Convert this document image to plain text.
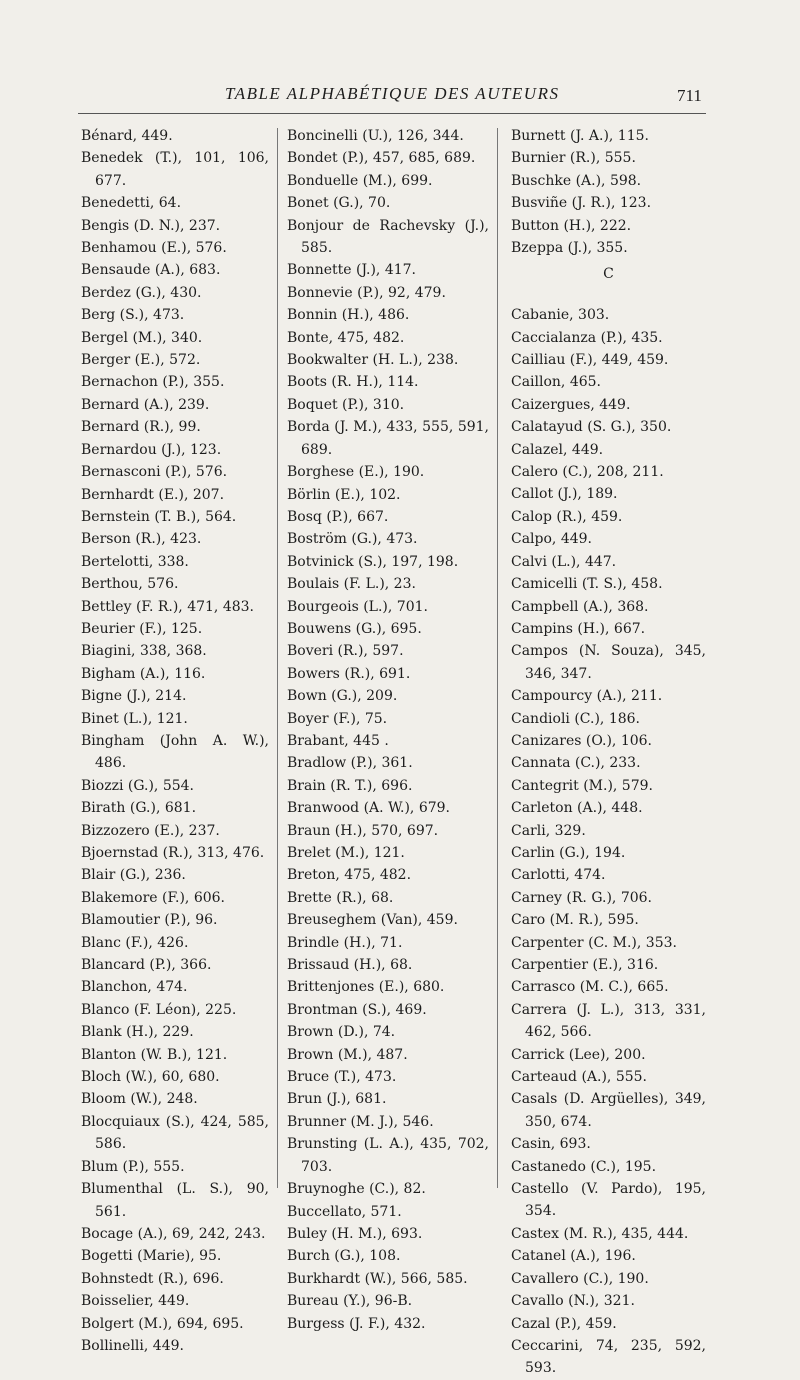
TABLE ALPHABÉTIQUE DES AUTEURS	711
Bénard, 449.
Benedek (T.), 101, 106, 677.
Benedetti, 64.
Bengis (D. N.), 237.
Benhamou (E.), 576.
Bensaude (A.), 683.
Berdez (G.), 430.
Berg (S.), 473.
Bergel (M.), 340.
Berger (E.), 572.
Bernachon (P.), 355.
Bernard (A.), 239.
Bernard (R.), 99.
Bernardou (J.), 123.
Bernasconi (P.), 576.
Bernhardt (E.), 207.
Bernstein (T. B.), 564.
Berson (R.), 423.
Bertelotti, 338.
Berthou, 576.
Bettley (F. R.), 471, 483.
Beurier (F.), 125.
Biagini, 338, 368.
Bigham (A.), 116.
Bigne (J.), 214.
Binet (L.), 121.
Bingham (John A. W.), 486.
Biozzi (G.), 554.
Birath (G.), 681.
Bizzozero (E.), 237.
Bjoernstad (R.), 313, 476.
Blair (G.), 236.
Blakemore (F.), 606.
Blamoutier (P.), 96.
Blanc (F.), 426.
Blancard (P.), 366.
Blanchon, 474.
Blanco (F. Léon), 225.
Blank (H.), 229.
Blanton (W. B.), 121.
Bloch (W.), 60, 680.
Bloom (W.), 248.
Blocquiaux (S.), 424, 585, 586.
Blum (P.), 555.
Blumenthal (L. S.), 90, 561.
Bocage (A.), 69, 242, 243.
Bogetti (Marie), 95.
Bohnstedt (R.), 696.
Boisselier, 449.
Bolgert (M.), 694, 695.
Bollinelli, 449.
Boncinelli (U.), 126, 344.
Bondet (P.), 457, 685, 689.
Bonduelle (M.), 699.
Bonet (G.), 70.
Bonjour de Rachevsky (J.), 585.
Bonnette (J.), 417.
Bonnevie (P.), 92, 479.
Bonnin (H.), 486.
Bonte, 475, 482.
Bookwalter (H. L.), 238.
Boots (R. H.), 114.
Boquet (P.), 310.
Borda (J. M.), 433, 555, 591, 689.
Borghese (E.), 190.
Börlin (E.), 102.
Bosq (P.), 667.
Boström (G.), 473.
Botvinick (S.), 197, 198.
Boulais (F. L.), 23.
Bourgeois (L.), 701.
Bouwens (G.), 695.
Boveri (R.), 597.
Bowers (R.), 691.
Bown (G.), 209.
Boyer (F.), 75.
Brabant, 445 .
Bradlow (P.), 361.
Brain (R. T.), 696.
Branwood (A. W.), 679.
Braun (H.), 570, 697.
Brelet (M.), 121.
Breton, 475, 482.
Brette (R.), 68.
Breuseghem (Van), 459.
Brindle (H.), 71.
Brissaud (H.), 68.
Brittenjones (E.), 680.
Brontman (S.), 469.
Brown (D.), 74.
Brown (M.), 487.
Bruce (T.), 473.
Brun (J.), 681.
Brunner (M. J.), 546.
Brunsting (L. A.), 435, 702, 703.
Bruynoghe (C.), 82.
Buccellato, 571.
Buley (H. M.), 693.
Burch (G.), 108.
Burkhardt (W.), 566, 585.
Bureau (Y.), 96-B.
Burgess (J. F.), 432.
Burnett (J. A.), 115.
Burnier (R.), 555.
Buschke (A.), 598.
Busviñe (J. R.), 123.
Button (H.), 222.
Bzeppa (J.), 355.
C
Cabanie, 303.
Caccialanza (P.), 435.
Cailliau (F.), 449, 459.
Caillon, 465.
Caizergues, 449.
Calatayud (S. G.), 350.
Calazel, 449.
Calero (C.), 208, 211.
Callot (J.), 189.
Calop (R.), 459.
Calpo, 449.
Calvi (L.), 447.
Camicelli (T. S.), 458.
Campbell (A.), 368.
Campins (H.), 667.
Campos (N. Souza), 345, 346, 347.
Campourcy (A.), 211.
Candioli (C.), 186.
Canizares (O.), 106.
Cannata (C.), 233.
Cantegrit (M.), 579.
Carleton (A.), 448.
Carli, 329.
Carlin (G.), 194.
Carlotti, 474.
Carney (R. G.), 706.
Caro (M. R.), 595.
Carpenter (C. M.), 353.
Carpentier (E.), 316.
Carrasco (M. C.), 665.
Carrera (J. L.), 313, 331, 462, 566.
Carrick (Lee), 200.
Carteaud (A.), 555.
Casals (D. Argüelles), 349, 350, 674.
Casin, 693.
Castanedo (C.), 195.
Castello (V. Pardo), 195, 354.
Castex (M. R.), 435, 444.
Catanel (A.), 196.
Cavallero (C.), 190.
Cavallo (N.), 321.
Cazal (P.), 459.
Ceccarini, 74, 235, 592, 593.
